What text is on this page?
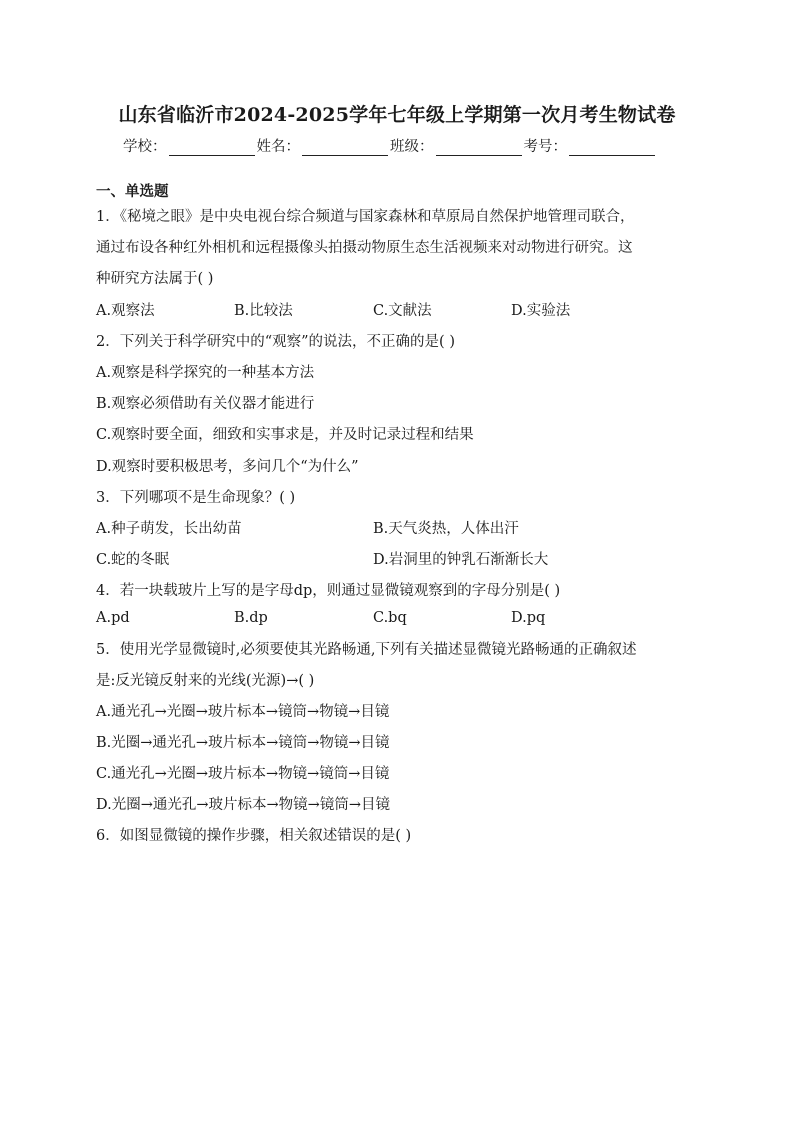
山东省临沂市2024-2025学年七年级上学期第一次月考生物试卷
学校：	姓名：	班级：	考号：
一、单选题
1．《秘境之眼》是中央电视台综合频道与国家森林和草原局自然保护地管理司联合，
通过布设各种红外相机和远程摄像头拍摄动物原生态生活视频来对动物进行研究。这
种研究方法属于( )
A.观察法	B.比较法	C.文献法	D.实验法
2．下列关于科学研究中的“观察”的说法，不正确的是( )
A.观察是科学探究的一种基本方法
B.观察必须借助有关仪器才能进行
C.观察时要全面，细致和实事求是，并及时记录过程和结果
D.观察时要积极思考，多问几个“为什么”
3．下列哪项不是生命现象？( )
A.种子萌发，长出幼苗	B.天气炎热，人体出汗
C.蛇的冬眠	D.岩洞里的钟乳石渐渐长大
4．若一块载玻片上写的是字母dp，则通过显微镜观察到的字母分别是( )
A.pd	B.dp	C.bq	D.pq
5．使用光学显微镜时,必须要使其光路畅通,下列有关描述显微镜光路畅通的正确叙述
是:反光镜反射来的光线(光源)→( )
A.通光孔→光圈→玻片标本→镜筒→物镜→目镜
B.光圈→通光孔→玻片标本→镜筒→物镜→目镜
C.通光孔→光圈→玻片标本→物镜→镜筒→目镜
D.光圈→通光孔→玻片标本→物镜→镜筒→目镜
6．如图显微镜的操作步骤，相关叙述错误的是( )
